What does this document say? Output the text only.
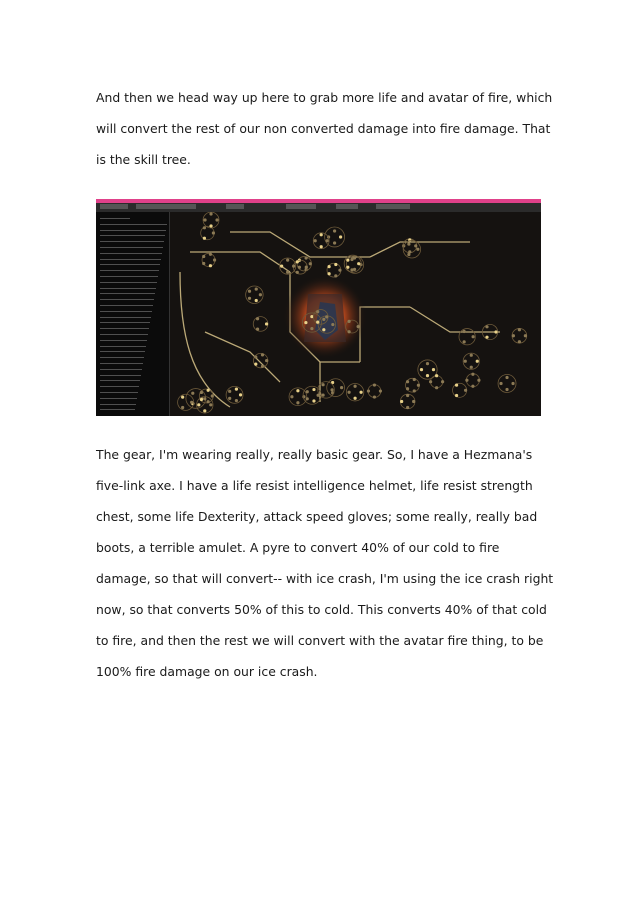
And then we head way up here to grab more life and avatar of fire, which will convert the rest of our non converted damage into fire damage. That is the skill tree.

The gear, I'm wearing really, really basic gear. So, I have a Hezmana's five-link axe. I have a life resist intelligence helmet, life resist strength chest, some life Dexterity, attack speed gloves; some really, really bad boots, a terrible amulet. A pyre to convert 40% of our cold to fire damage, so that will convert-- with ice crash, I'm using the ice crash right now, so that converts 50% of this to cold. This converts 40% of that cold to fire, and then the rest we will convert with the avatar fire thing, to be 100% fire damage on our ice crash.
